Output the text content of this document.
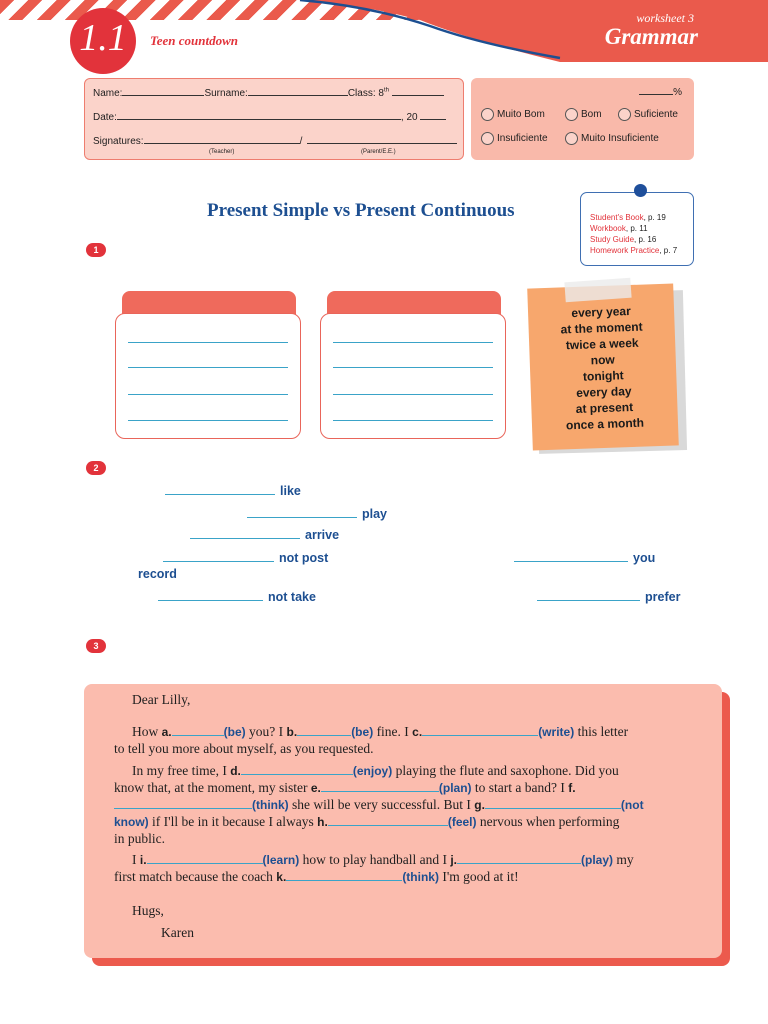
1.1	Teen countdown
worksheet 3
Grammar
Name:	Surname:	Class: 8th
Date:	, 20
Signatures:	/
(Teacher)	(Parent/E.E.)
%
Muito Bom	Bom	Suficiente
Insuficiente	Muito Insuficiente
Present Simple vs Present Continuous	Student's Book, p. 19
Workbook, p. 11
Study Guide, p. 16
Homework Practice, p. 7
1
every year
at the moment
twice a week
now
tonight
every day
at present
once a month
2
like
play
arrive
not post	you
record
not take	prefer
3
Dear Lilly,
How a.	(be) you? I b.	(be) fine. I c.	(write) this letter
to tell you more about myself, as you requested.
In my free time, I d.	(enjoy) playing the flute and saxophone. Did you
know that, at the moment, my sister e.	(plan) to start a band? I f.
(think) she will be very successful. But I g.	(not
know) if I'll be in it because I always h.	(feel) nervous when performing
in public.
I i.	(learn) how to play handball and I j.	(play) my
first match because the coach k.	(think) I'm good at it!
Hugs,
Karen
